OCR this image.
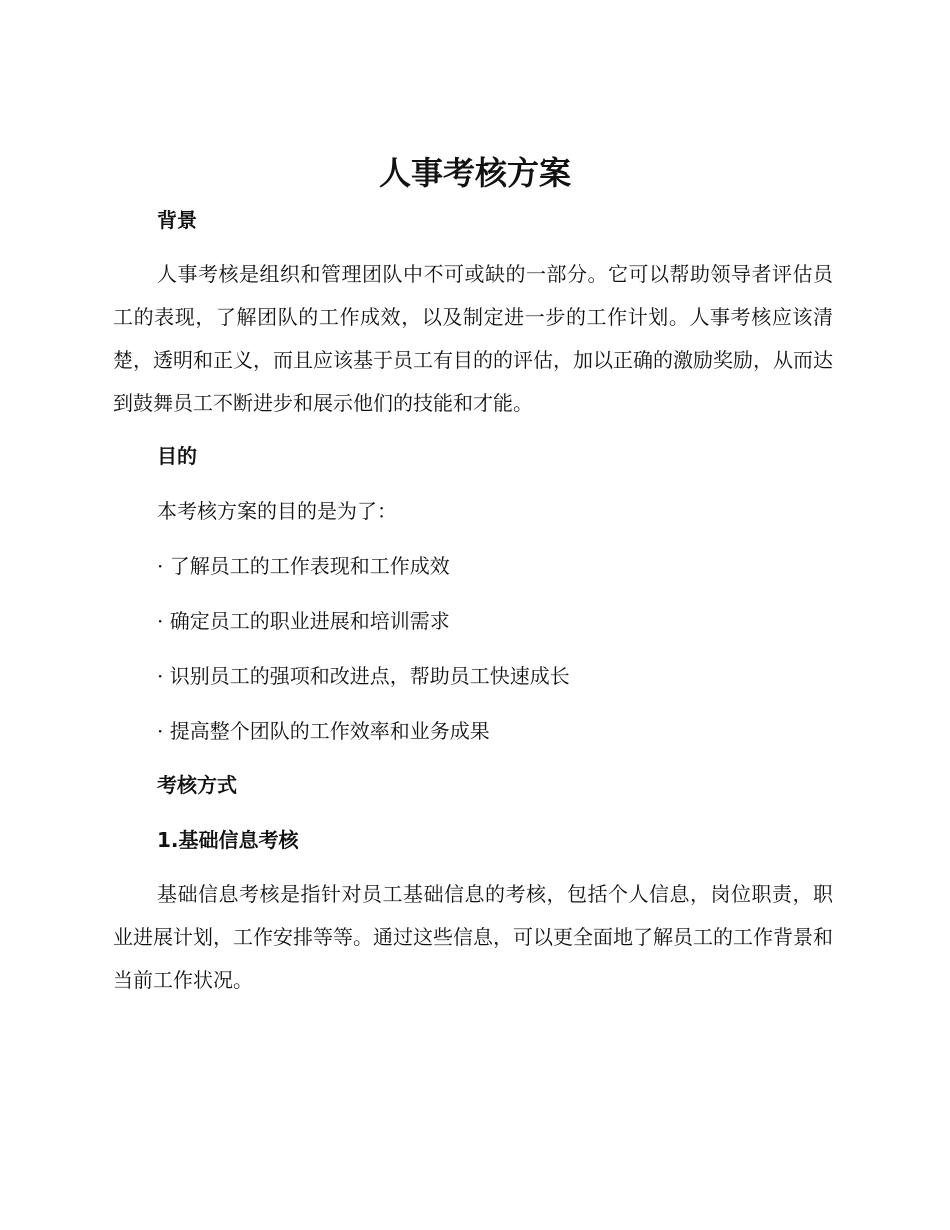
人事考核方案
背景

人事考核是组织和管理团队中不可或缺的一部分。它可以帮助领导者评估员工的表现，了解团队的工作成效，以及制定进一步的工作计划。人事考核应该清楚，透明和正义，而且应该基于员工有目的的评估，加以正确的激励奖励，从而达到鼓舞员工不断进步和展示他们的技能和才能。

目的

本考核方案的目的是为了：

· 了解员工的工作表现和工作成效

· 确定员工的职业进展和培训需求

· 识别员工的强项和改进点，帮助员工快速成长

· 提高整个团队的工作效率和业务成果

考核方式
1.基础信息考核

基础信息考核是指针对员工基础信息的考核，包括个人信息，岗位职责，职业进展计划，工作安排等等。通过这些信息，可以更全面地了解员工的工作背景和当前工作状况。
